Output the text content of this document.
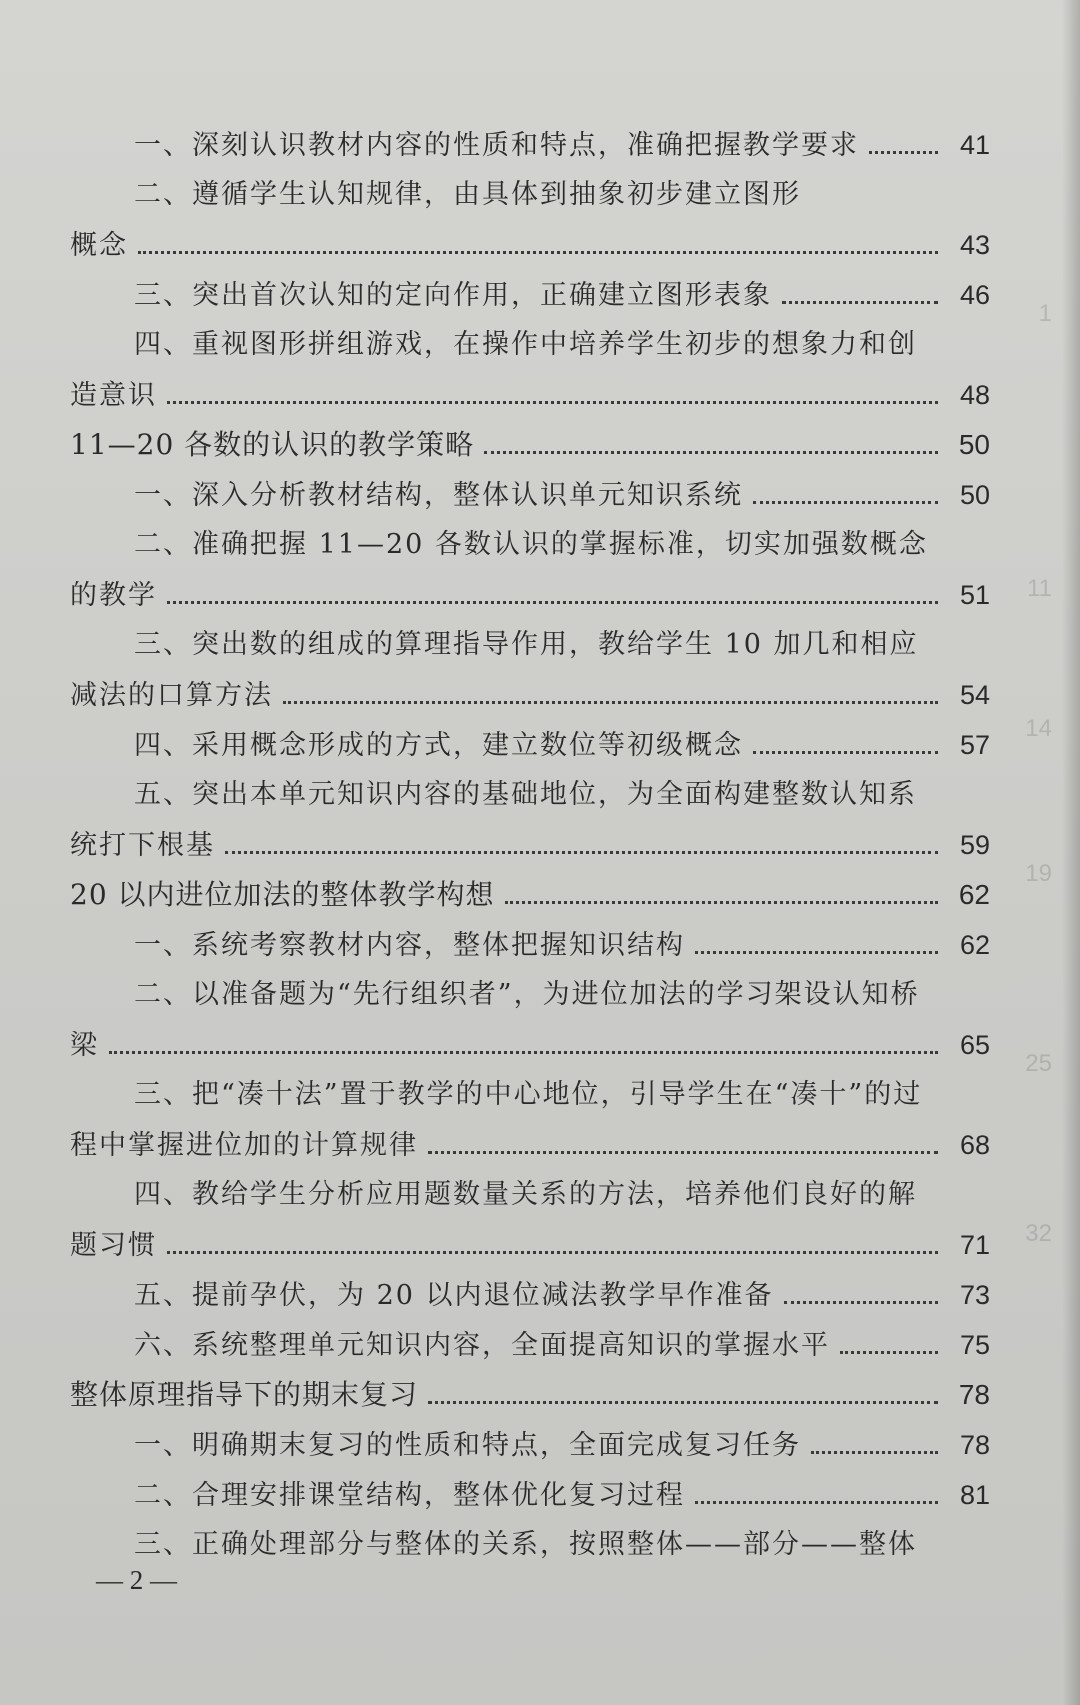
1
11
14
19
25
32
一、深刻认识教材内容的性质和特点，准确把握教学要求	41
二、遵循学生认知规律，由具体到抽象初步建立图形
概念	43
三、突出首次认知的定向作用，正确建立图形表象	46
四、重视图形拼组游戏，在操作中培养学生初步的想象力和创
造意识	48
11—20 各数的认识的教学策略	50
一、深入分析教材结构，整体认识单元知识系统	50
二、准确把握 11—20 各数认识的掌握标准，切实加强数概念
的教学	51
三、突出数的组成的算理指导作用，教给学生 10 加几和相应
减法的口算方法	54
四、采用概念形成的方式，建立数位等初级概念	57
五、突出本单元知识内容的基础地位，为全面构建整数认知系
统打下根基	59
20 以内进位加法的整体教学构想	62
一、系统考察教材内容，整体把握知识结构	62
二、以准备题为“先行组织者”，为进位加法的学习架设认知桥
梁	65
三、把“凑十法”置于教学的中心地位，引导学生在“凑十”的过
程中掌握进位加的计算规律	68
四、教给学生分析应用题数量关系的方法，培养他们良好的解
题习惯	71
五、提前孕伏，为 20 以内退位减法教学早作准备	73
六、系统整理单元知识内容，全面提高知识的掌握水平	75
整体原理指导下的期末复习	78
一、明确期末复习的性质和特点，全面完成复习任务	78
二、合理安排课堂结构，整体优化复习过程	81
三、正确处理部分与整体的关系，按照整体——部分——整体
— 2 —
